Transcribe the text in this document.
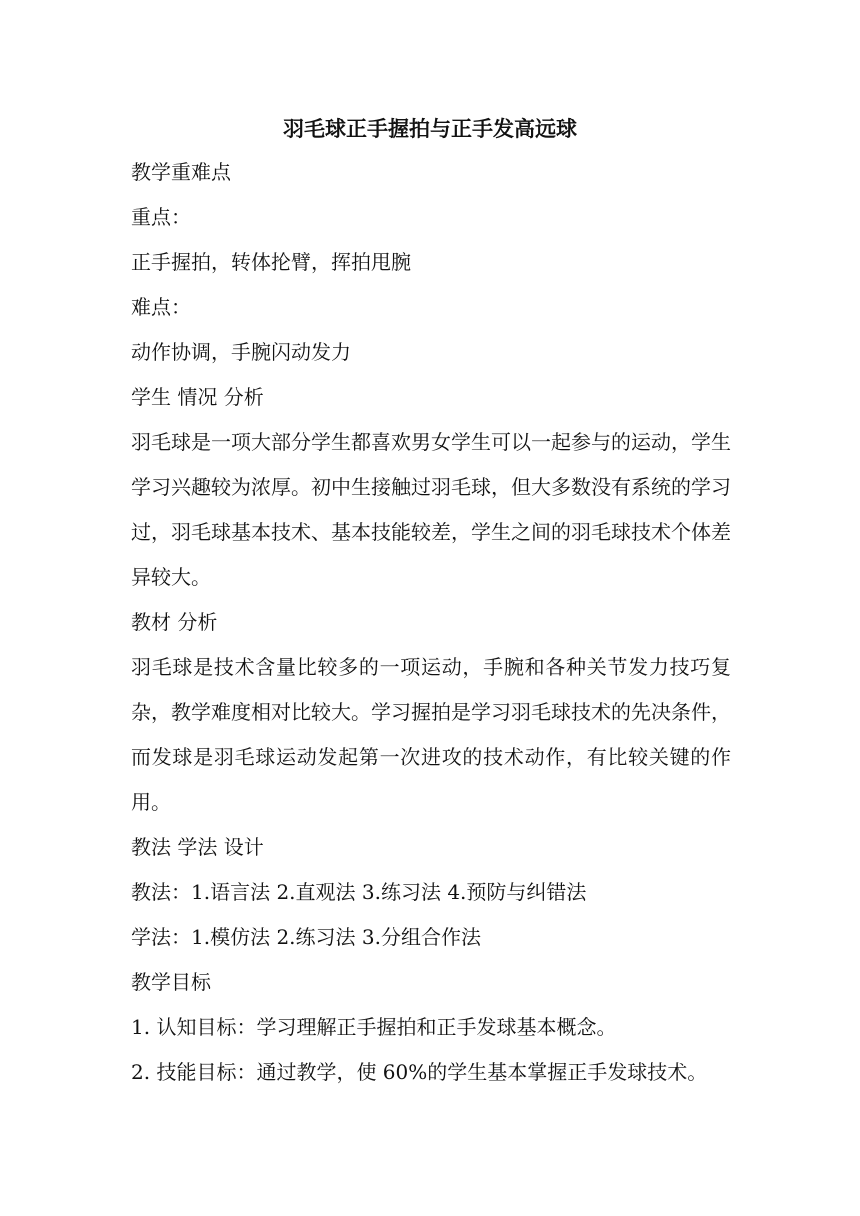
羽毛球正手握拍与正手发高远球
教学重难点
重点：
正手握拍，转体抡臂，挥拍甩腕
难点：
动作协调，手腕闪动发力
学生 情况 分析
羽毛球是一项大部分学生都喜欢男女学生可以一起参与的运动，学生学习兴趣较为浓厚。初中生接触过羽毛球，但大多数没有系统的学习过，羽毛球基本技术、基本技能较差，学生之间的羽毛球技术个体差异较大。
教材 分析
羽毛球是技术含量比较多的一项运动，手腕和各种关节发力技巧复杂，教学难度相对比较大。学习握拍是学习羽毛球技术的先决条件，而发球是羽毛球运动发起第一次进攻的技术动作，有比较关键的作用。
教法 学法 设计
教法：1.语言法 2.直观法 3.练习法 4.预防与纠错法
学法：1.模仿法 2.练习法 3.分组合作法
教学目标
1. 认知目标：学习理解正手握拍和正手发球基本概念。
2. 技能目标：通过教学，使 60%的学生基本掌握正手发球技术。
